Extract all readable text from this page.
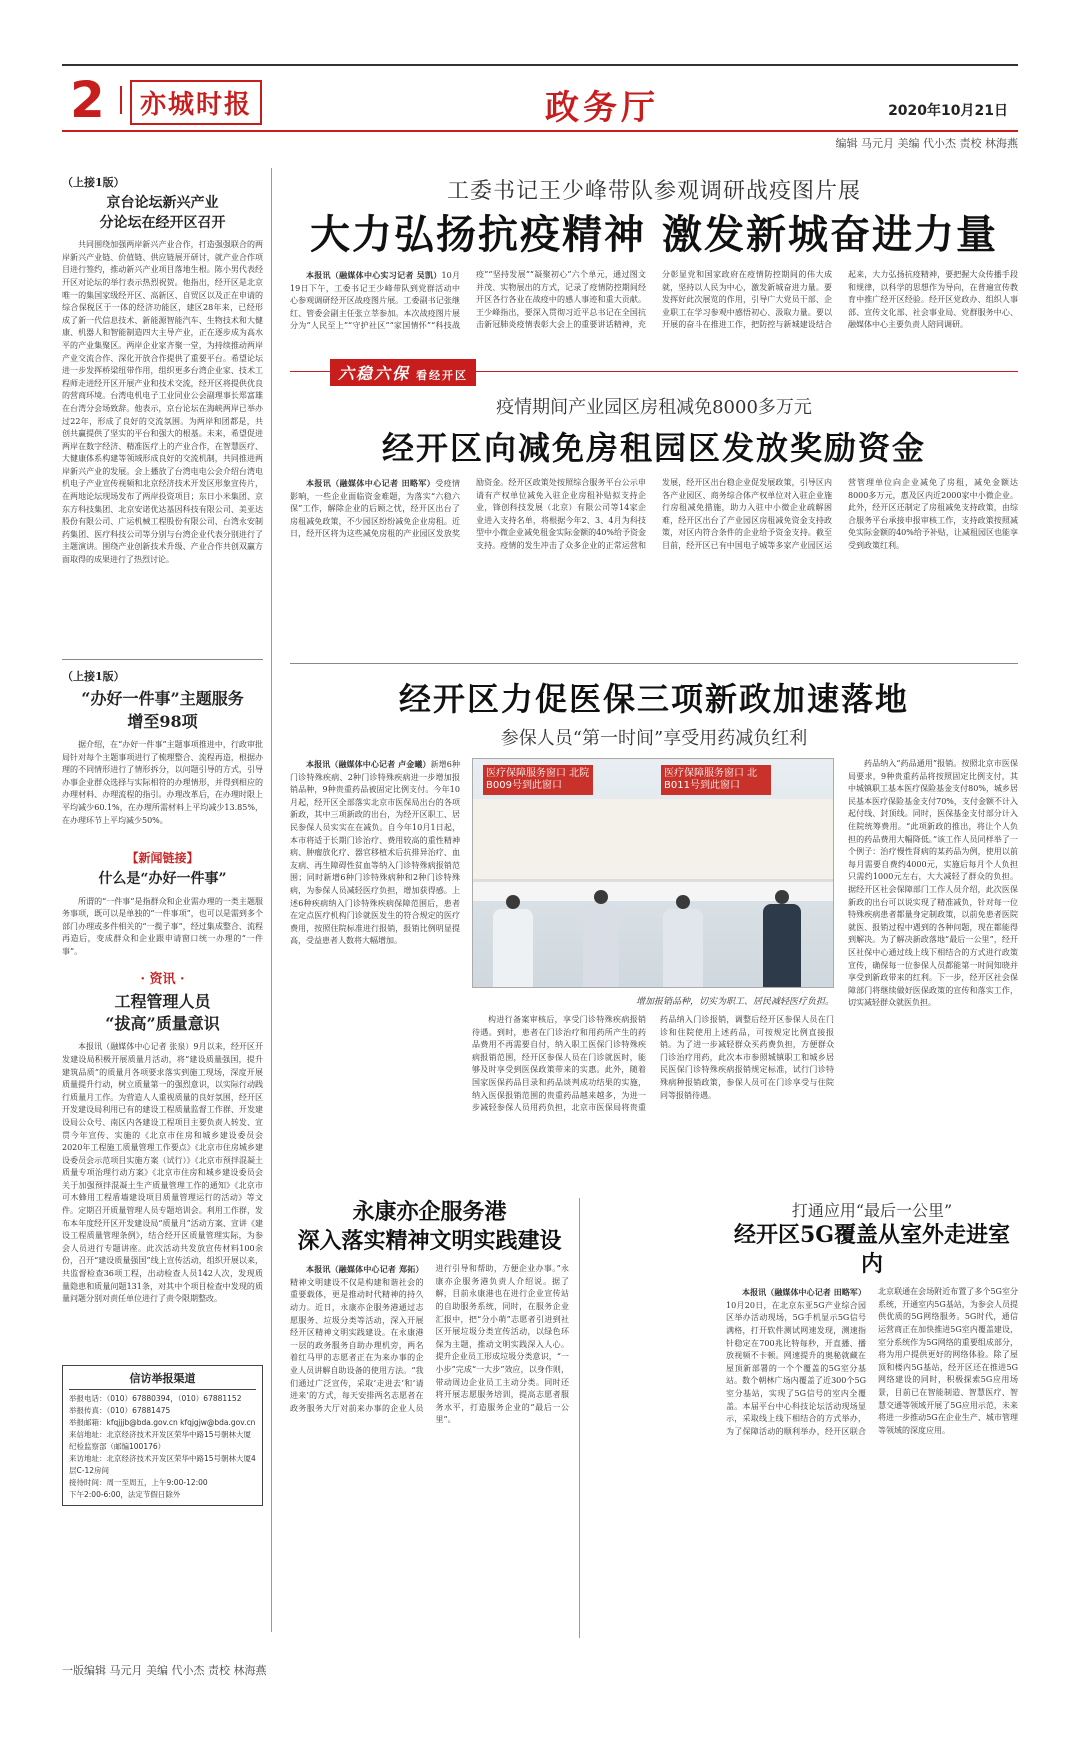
2	亦城时报	政务厅	2020年10月21日
编辑 马元月 美编 代小杰 责校 林海燕
（上接1版）
京台论坛新兴产业
分论坛在经开区召开
共同围绕加强两岸新兴产业合作，打造强强联合的两岸新兴产业链、价值链、供应链展开研讨，就产业合作项目进行签约，推动新兴产业项目落地生根。陈小男代表经开区对论坛的举行表示热烈祝贺。他指出，经开区是北京唯一的集国家级经开区、高新区、自贸区以及正在申请的综合保税区于一体的经济功能区，建区28年来，已经形成了新一代信息技术、新能源智能汽车、生物技术和大健康、机器人和智能制造四大主导产业，正在逐步成为高水平的产业集聚区。两岸企业家齐聚一堂，为持续推动两岸产业交流合作、深化开放合作提供了重要平台。希望论坛进一步发挥桥梁纽带作用，组织更多台湾企业家、技术工程师走进经开区开展产业和技术交流，经开区将提供优良的营商环境。台湾电机电子工业同业公会副理事长郑富雄在台湾分会场致辞。他表示，京台论坛在海峡两岸已举办过22年，形成了良好的交流氛围。为两岸和团都是，共创共赢提供了坚实的平台和强大的根基。未来，希望促进两岸在数字经济、精准医疗上的产业合作，在智慧医疗、大健康体系构建等领域形成良好的交流机制，共同推进两岸新兴产业的发展。会上播放了台湾电电公会介绍台湾电机电子产业宣传视频和北京经济技术开发区形象宣传片，在两地论坛现场发布了两岸投资项目；东日小米集团、京东方科技集团、北京安诺优达基因科技有限公司、美亚达股份有限公司、广运机械工程股份有限公司、台湾永安制药集团、医疗科技公司等分别与台湾企业代表分别进行了主题演讲。围绕产业创新技术升级、产业合作共创双赢方面取得的成果进行了热烈讨论。
（上接1版）
“办好一件事”主题服务
增至98项
据介绍，在“办好一件事”主题事项推进中，行政审批局针对每个主题事项进行了梳理整合、流程再造，根据办理的不同情形进行了情形拆分，以问题引导的方式，引导办事企业群众选择与实际相符的办理情形，并得到相应的办理材料、办理流程的指引。办理改革后，在办理时限上平均减少60.1%，在办理所需材料上平均减少13.85%，在办理环节上平均减少50%。
【新闻链接】
什么是“办好一件事”
所谓的“一件事”是指群众和企业需办理的一类主题服务事项，既可以是单独的“一件事项”，也可以是需到多个部门办理或多件相关的“一揽子事”，经过集成整合、流程再造后，变成群众和企业跟申请窗口统一办理的“一件事”。
· 资讯 ·
工程管理人员
“拔高”质量意识
本报讯（融媒体中心记者 张泉）9月以来，经开区开发建设局积极开展质量月活动，将“建设质量强国，提升建筑品质”的质量月各项要求落实到施工现场，深度开展质量提升行动，树立质量第一的强烈意识，以实际行动践行质量月工作。为营造人人重视质量的良好氛围，经开区开发建设局利用已有的建设工程质量监督工作群、开发建设局公众号、南区内各建设工程项目主要负责人转发、宣贯今年宣传、实施的《北京市住房和城乡建设委员会2020年工程施工质量管理工作要点》《北京市住房城乡建设委员会示范项目实施方案（试行）》《北京市预拌混凝土质量专项治理行动方案》《北京市住房和城乡建设委员会关于加强预拌混凝土生产质量管理工作的通知》《北京市可木蜂用工程盾墙建设项目质量管理运行的活动》等文件。定期召开质量管理人员专题培训会。利用工作群，发布本年度经开区开发建设局“质量月”活动方案、宣讲《建设工程质量管理条例》，结合经开区质量管理实际，为参会人员进行专题讲座。此次活动共发放宣传材料100余份，召开“建设质量强国”线上宣传活动，组织开展以来，共监督检查36项工程，出动检查人员142人次，发现质量隐患和质量问题131条，对其中个项目检查中发现的质量问题分别对责任单位进行了责令限期整改。
信访举报渠道
举报电话：（010）67880394，（010）67881152
举报传真：（010）67881475
举报邮箱：kfqjjjb@bda.gov.cn kfqjgjw@bda.gov.cn
来信地址：北京经济技术开发区荣华中路15号朝林大厦纪检监察部（邮编100176）
来访地址：北京经济技术开发区荣华中路15号朝林大厦4层C-12房间
接待时间：周一至周五，上午9:00-12:00
下午2:00-6:00，法定节假日除外
工委书记王少峰带队参观调研战疫图片展
大力弘扬抗疫精神 激发新城奋进力量

本报讯（融媒体中心实习记者 吴凯）10月19日下午，工委书记王少峰带队到党群活动中心参观调研经开区战疫图片展。工委副书记张继红、管委会副主任张立莘参加。本次战疫图片展分为“人民至上”“守护社区”“家国情怀”“科技战疫”“坚持发展”“凝聚初心”六个单元，通过图文并茂、实物展出的方式，记录了疫情防控期间经开区各行各业在战疫中的感人事迹和重大贡献。王少峰指出，要深入贯彻习近平总书记在全国抗击新冠肺炎疫情表彰大会上的重要讲话精神，充分彰显党和国家政府在疫情防控期间的伟大成就，坚持以人民为中心，激发新城奋进力量。要发挥好此次展览的作用，引导广大党员干部、企业职工在学习参观中感悟初心、汲取力量。要以开展的奋斗在推进工作，把防控与新城建设结合起来，大力弘扬抗疫精神，要把握大众传播手段和规律，以科学的思想作为导向，在普遍宣传教育中推广经开区经验。经开区党政办、组织人事部、宣传文化部、社会事业局、党群服务中心、融媒体中心主要负责人陪同调研。

六稳六保 看经开区
疫情期间产业园区房租减免8000多万元
经开区向减免房租园区发放奖励资金

本报讯（融媒体中心记者 田略军）受疫情影响，一些企业面临资金难题，为落实“六稳六保”工作，解除企业的后顾之忧，经开区出台了房租减免政策，不少园区纷纷减免企业房租。近日，经开区将为这些减免房租的产业园区发放奖励资金。经开区政策处按照综合服务平台公示申请有产权单位减免入驻企业房租补贴拟支持企业，锋创科技发展（北京）有限公司等14家企业进入支持名单，将根据今年2、3、4月为科技型中小微企业减免租金实际金额的40%给予资金支持。疫情的发生冲击了众多企业的正常运营和发展，经开区出台稳企业促发展政策，引导区内各产业园区、商务综合体产权单位对入驻企业施行房租减免措施，助力入驻中小微企业疏解困难，经开区出台了产业园区房租减免资金支持政策，对区内符合条件的企业给予资金支持。截至目前，经开区已有中国电子城等多家产业园区运营管理单位向企业减免了房租，减免金额达8000多万元，惠及区内近2000家中小微企业。此外，经开区还制定了房租减免支持政策，由综合服务平台承接申报审核工作，支持政策按照减免实际金额的40%给予补贴，让减租园区也能享受到政策红利。

经开区力促医保三项新政加速落地
参保人员“第一时间”享受用药减负红利

本报讯（融媒体中心记者 卢金曦）新增6种门诊特殊疾病、2种门诊特殊疾病进一步增加报销品种，9种贵重药品被固定比例支付。今年10月起，经开区全部落实北京市医保局出台的各项新政，其中三项新政的出台，为经开区职工、居民参保人员实实在在减负。自今年10月1日起，本市将适于长期门诊治疗、费用较高的重性精神病、肿瘤放化疗、器官移植术后抗排异治疗、血友病、再生障碍性贫血等纳入门诊特殊病报销范围；同时新增6种门诊特殊病种和2种门诊特殊病，为参保人员减轻医疗负担，增加获得感。上述6种疾病纳入门诊特殊疾病保障范围后，患者在定点医疗机构门诊就医发生的符合规定的医疗费用，按照住院标准进行报销，报销比例明显提高，受益患者人数将大幅增加。

医疗保障服务窗口 北院B009号到此窗口
医疗保障服务窗口 北B011号到此窗口
增加报销品种，切实为职工、居民减轻医疗负担。

构进行备案审核后，享受门诊特殊疾病报销待遇。到时，患者在门诊治疗和用药所产生的药品费用不再需要自付，纳入职工医保门诊特殊疾病报销范围，经开区参保人员在门诊就医时，能够及时享受到医保政策带来的实惠。此外，随着国家医保药品目录和药品谈判成功结果的实施，纳入医保报销范围的贵重药品越来越多，为进一步减轻参保人员用药负担，北京市医保局将贵重药品纳入门诊报销，调整后经开区参保人员在门诊和住院使用上述药品，可按规定比例直接报销。为了进一步减轻群众买药费负担，方便群众门诊治疗用药，此次本市参照城镇职工和城乡居民医保门诊特殊疾病报销规定标准，试行门诊特殊病种报销政策，参保人员可在门诊享受与住院同等报销待遇。

药品纳入“药品通用”报销。按照北京市医保局要求，9种贵重药品将按照固定比例支付，其中城镇职工基本医疗保险基金支付80%，城乡居民基本医疗保险基金支付70%，支付金额不计入起付线、封顶线。同时，医保基金支付部分计入住院统筹费用。“此项新政的推出，将让个人负担的药品费用大幅降低。”该工作人员同样举了一个例子：治疗慢性肾病的某药品为例，使用以前每月需要自费约4000元，实施后每月个人负担只需约1000元左右，大大减轻了群众的负担。据经开区社会保障部门工作人员介绍，此次医保新政的出台可以说实现了精准减负，针对每一位特殊疾病患者都量身定制政策，以前免患者医院就医、报销过程中遇到的各种问题，现在都能得到解决。为了解决新政落地“最后一公里”，经开区社保中心通过线上线下相结合的方式进行政策宣传，确保每一位参保人员都能第一时间知晓并享受到新政带来的红利。下一步，经开区社会保障部门将继续做好医保政策的宣传和落实工作，切实减轻群众就医负担。

永康亦企服务港
深入落实精神文明实践建设

本报讯（融媒体中心记者 郑拓）精神文明建设不仅是构建和谐社会的重要载体，更是推动时代精神的持久动力。近日，永康亦企服务港通过志愿服务、垃圾分类等活动，深入开展经开区精神文明实践建设。在永康港一层的政务服务自助办理机旁，两名着红马甲的志愿者正在为来办事的企业人员讲解自助设备的使用方法。“我们通过广泛宣传，采取‘走进去’和‘请进来’的方式，每天安排两名志愿者在政务服务大厅对前来办事的企业人员进行引导和帮助，方便企业办事。”永康亦企服务港负责人介绍说。据了解，目前永康港也在进行企业宣传站的自助服务系统，同时，在服务企业汇报中，把“分小萌”志愿者引进到社区开展垃圾分类宣传活动，以绿色环保为主题，推动文明实践深入人心。提升企业员工形成垃圾分类意识，“一小步”完成“一大步”效应，以身作则，带动周边企业员工主动分类。同时还将开展志愿服务培训，提高志愿者服务水平，打造服务企业的“最后一公里”。

打通应用“最后一公里”
经开区5G覆盖从室外走进室内

本报讯（融媒体中心记者 田略军）10月20日，在北京东亚5G产业综合园区举办活动现场，5G手机显示5G信号满格，打开软件测试网速发现，测速指针稳定在700兆比特每秒，开直播、播放视频不卡顿。网速提升的奥秘就藏在屋顶新部署的一个个覆盖的5G室分基站。数个朝林广场内覆盖了近300个5G室分基站，实现了5G信号的室内全覆盖。本届平台中心科技论坛活动现场显示，采取线上线下相结合的方式举办，为了保障活动的顺利举办，经开区联合北京联通在会场附近布置了多个5G室分系统，开通室内5G基站，为参会人员提供优质的5G网络服务。5G时代，通信运营商正在加快推进5G室内覆盖建设，室分系统作为5G网络的重要组成部分，将为用户提供更好的网络体验。除了屋顶和楼内5G基站，经开区还在推进5G网络建设的同时，积极探索5G应用场景，目前已在智能制造、智慧医疗、智慧交通等领域开展了5G应用示范，未来将进一步推动5G在企业生产、城市管理等领域的深度应用。

一版编辑 马元月 美编 代小杰 责校 林海燕
